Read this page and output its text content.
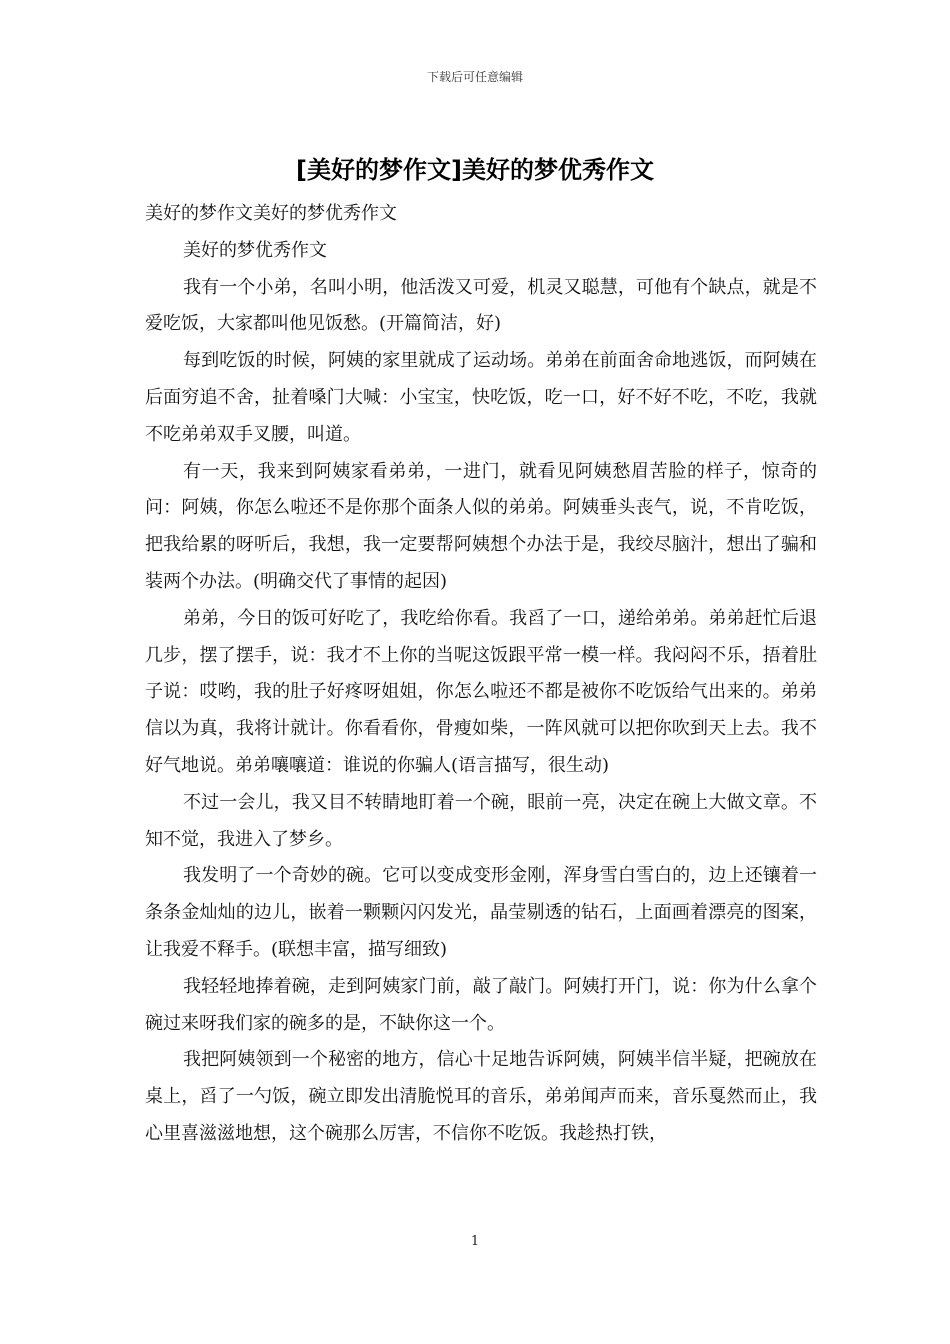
下载后可任意编辑
[美好的梦作文]美好的梦优秀作文

美好的梦作文美好的梦优秀作文

美好的梦优秀作文

我有一个小弟，名叫小明，他活泼又可爱，机灵又聪慧，可他有个缺点，就是不爱吃饭，大家都叫他见饭愁。(开篇简洁，好)

每到吃饭的时候，阿姨的家里就成了运动场。弟弟在前面舍命地逃饭，而阿姨在后面穷追不舍，扯着嗓门大喊：小宝宝，快吃饭，吃一口，好不好不吃，不吃，我就不吃弟弟双手叉腰，叫道。

有一天，我来到阿姨家看弟弟，一进门，就看见阿姨愁眉苦脸的样子，惊奇的问：阿姨，你怎么啦还不是你那个面条人似的弟弟。阿姨垂头丧气，说，不肯吃饭，把我给累的呀听后，我想，我一定要帮阿姨想个办法于是，我绞尽脑汁，想出了骗和装两个办法。(明确交代了事情的起因)

弟弟，今日的饭可好吃了，我吃给你看。我舀了一口，递给弟弟。弟弟赶忙后退几步，摆了摆手，说：我才不上你的当呢这饭跟平常一模一样。我闷闷不乐，捂着肚子说：哎哟，我的肚子好疼呀姐姐，你怎么啦还不都是被你不吃饭给气出来的。弟弟信以为真，我将计就计。你看看你，骨瘦如柴，一阵风就可以把你吹到天上去。我不好气地说。弟弟嚷嚷道：谁说的你骗人(语言描写，很生动)

不过一会儿，我又目不转睛地盯着一个碗，眼前一亮，决定在碗上大做文章。不知不觉，我进入了梦乡。

我发明了一个奇妙的碗。它可以变成变形金刚，浑身雪白雪白的，边上还镶着一条条金灿灿的边儿，嵌着一颗颗闪闪发光，晶莹剔透的钻石，上面画着漂亮的图案，让我爱不释手。(联想丰富，描写细致)

我轻轻地捧着碗，走到阿姨家门前，敲了敲门。阿姨打开门，说：你为什么拿个碗过来呀我们家的碗多的是，不缺你这一个。

我把阿姨领到一个秘密的地方，信心十足地告诉阿姨，阿姨半信半疑，把碗放在桌上，舀了一勺饭，碗立即发出清脆悦耳的音乐，弟弟闻声而来，音乐戛然而止，我心里喜滋滋地想，这个碗那么厉害，不信你不吃饭。我趁热打铁，

1
